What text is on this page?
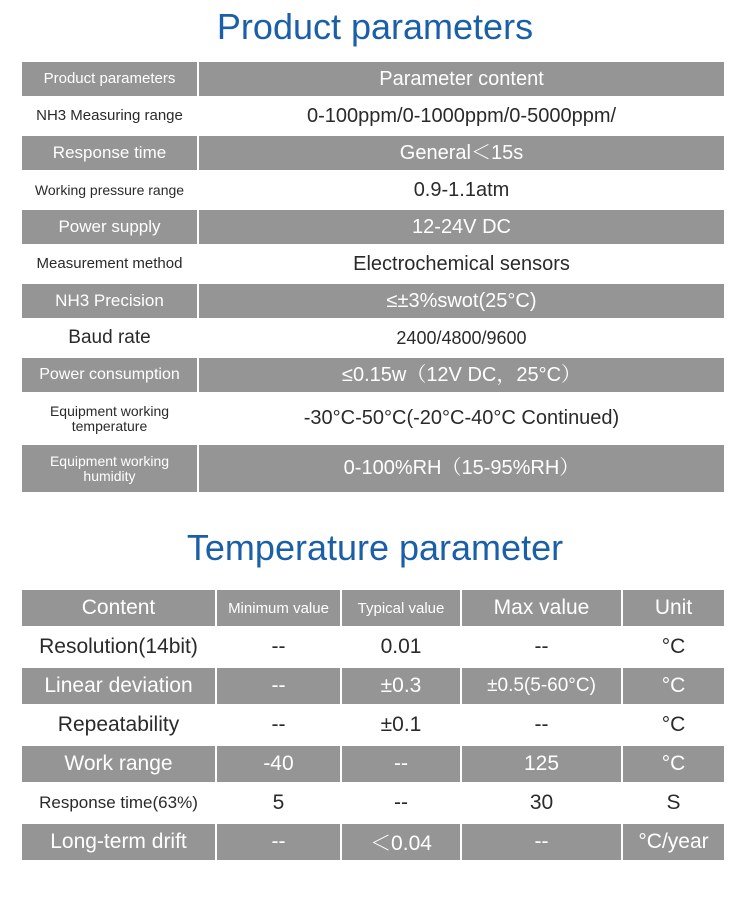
Product parameters
Product parameters	Parameter content
NH3 Measuring range	0-100ppm/0-1000ppm/0-5000ppm/
Response time	General＜15s
Working pressure range	0.9-1.1atm
Power supply	12-24V DC
Measurement method	Electrochemical sensors
NH3 Precision	≤±3%swot(25°C)
Baud rate	2400/4800/9600
Power consumption	≤0.15w（12V DC，25°C）
Equipment working temperature	-30°C-50°C(-20°C-40°C Continued)
Equipment working humidity	0-100%RH（15-95%RH）
Temperature parameter
Content	Minimum value	Typical value	Max value	Unit
Resolution(14bit)	--	0.01	--	°C
Linear deviation	--	±0.3	±0.5(5-60°C)	°C
Repeatability	--	±0.1	--	°C
Work range	-40	--	125	°C
Response time(63%)	5	--	30	S
Long-term drift	--	＜0.04	--	°C/year
